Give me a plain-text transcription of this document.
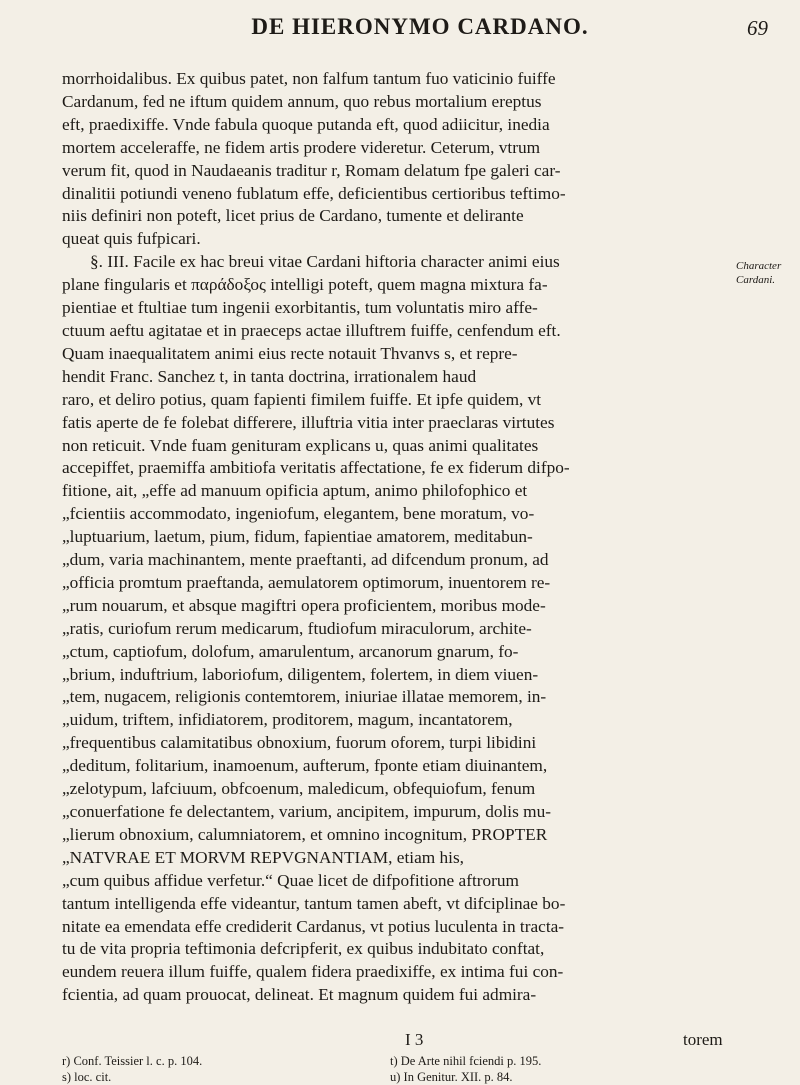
DE HIERONYMO CARDANO.	69
Character Cardani.
morrhoidalibus. Ex quibus patet, non falfum tantum fuo vaticinio fuiffe
Cardanum, fed ne iftum quidem annum, quo rebus mortalium ereptus
eft, praedixiffe. Vnde fabula quoque putanda eft, quod adiicitur, inedia
mortem acceleraffe, ne fidem artis prodere videretur. Ceterum, vtrum
verum fit, quod in Naudaeanis traditur r, Romam delatum fpe galeri car-
dinalitii potiundi veneno fublatum effe, deficientibus certioribus teftimo-
niis definiri non poteft, licet prius de Cardano, tumente et delirante
queat quis fufpicari.
§. III. Facile ex hac breui vitae Cardani hiftoria character animi eius
plane fingularis et παράδοξος intelligi poteft, quem magna mixtura fa-
pientiae et ftultiae tum ingenii exorbitantis, tum voluntatis miro affe-
ctuum aeftu agitatae et in praeceps actae illuftrem fuiffe, cenfendum eft.
Quam inaequalitatem animi eius recte notauit Thvanvs s, et repre-
hendit Franc. Sanchez t, in tanta doctrina, irrationalem haud
raro, et deliro potius, quam fapienti fimilem fuiffe. Et ipfe quidem, vt
fatis aperte de fe folebat differere, illuftria vitia inter praeclaras virtutes
non reticuit. Vnde fuam genituram explicans u, quas animi qualitates
accepiffet, praemiffa ambitiofa veritatis affectatione, fe ex fiderum difpo-
fitione, ait, „effe ad manuum opificia aptum, animo philofophico et
„fcientiis accommodato, ingeniofum, elegantem, bene moratum, vo-
„luptuarium, laetum, pium, fidum, fapientiae amatorem, meditabun-
„dum, varia machinantem, mente praeftanti, ad difcendum pronum, ad
„officia promtum praeftanda, aemulatorem optimorum, inuentorem re-
„rum nouarum, et absque magiftri opera proficientem, moribus mode-
„ratis, curiofum rerum medicarum, ftudiofum miraculorum, archite-
„ctum, captiofum, dolofum, amarulentum, arcanorum gnarum, fo-
„brium, induftrium, laboriofum, diligentem, folertem, in diem viuen-
„tem, nugacem, religionis contemtorem, iniuriae illatae memorem, in-
„uidum, triftem, infidiatorem, proditorem, magum, incantatorem,
„frequentibus calamitatibus obnoxium, fuorum oforem, turpi libidini
„deditum, folitarium, inamoenum, aufterum, fponte etiam diuinantem,
„zelotypum, lafciuum, obfcoenum, maledicum, obfequiofum, fenum
„conuerfatione fe delectantem, varium, ancipitem, impurum, dolis mu-
„lierum obnoxium, calumniatorem, et omnino incognitum, PROPTER
„NATVRAE ET MORVM REPVGNANTIAM, etiam his,
„cum quibus affidue verfetur.“ Quae licet de difpofitione aftrorum
tantum intelligenda effe videantur, tantum tamen abeft, vt difciplinae bo-
nitate ea emendata effe crediderit Cardanus, vt potius luculenta in tracta-
tu de vita propria teftimonia defcripferit, ex quibus indubitato conftat,
eundem reuera illum fuiffe, qualem fidera praedixiffe, ex intima fui con-
fcientia, ad quam prouocat, delineat. Et magnum quidem fui admira-
I 3	torem
r) Conf. Teissier l. c. p. 104.
s) loc. cit.
t) De Arte nihil fciendi p. 195.
u) In Genitur. XII. p. 84.
